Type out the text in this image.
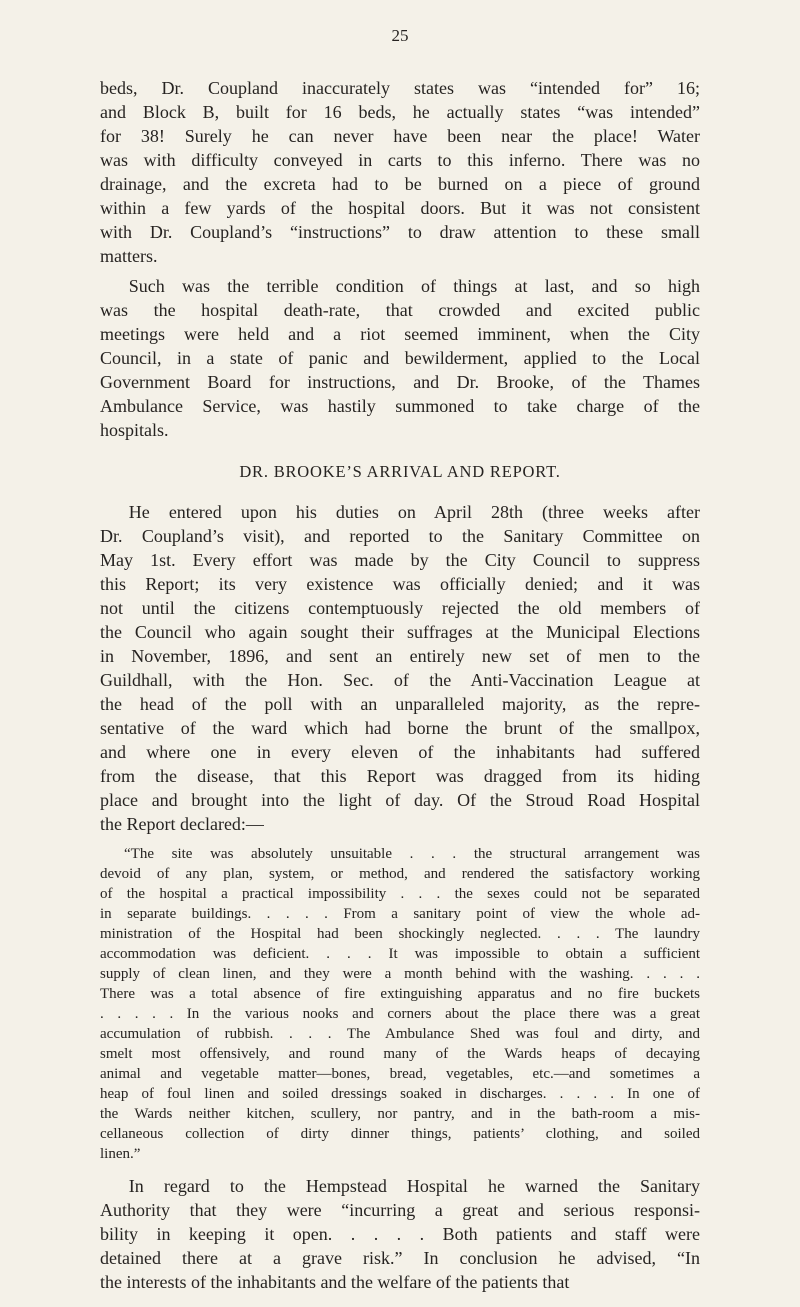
25
beds, Dr. Coupland inaccurately states was “intended for” 16;
and Block B, built for 16 beds, he actually states “was intended”
for 38! Surely he can never have been near the place! Water
was with difficulty conveyed in carts to this inferno. There was no
drainage, and the excreta had to be burned on a piece of ground
within a few yards of the hospital doors. But it was not consistent
with Dr. Coupland’s “instructions” to draw attention to these small
matters.
Such was the terrible condition of things at last, and so high
was the hospital death-rate, that crowded and excited public
meetings were held and a riot seemed imminent, when the City
Council, in a state of panic and bewilderment, applied to the Local
Government Board for instructions, and Dr. Brooke, of the Thames
Ambulance Service, was hastily summoned to take charge of the
hospitals.
DR. BROOKE’S ARRIVAL AND REPORT.
He entered upon his duties on April 28th (three weeks after
Dr. Coupland’s visit), and reported to the Sanitary Committee on
May 1st. Every effort was made by the City Council to suppress
this Report; its very existence was officially denied; and it was
not until the citizens contemptuously rejected the old members of
the Council who again sought their suffrages at the Municipal Elections
in November, 1896, and sent an entirely new set of men to the
Guildhall, with the Hon. Sec. of the Anti-Vaccination League at
the head of the poll with an unparalleled majority, as the repre-
sentative of the ward which had borne the brunt of the smallpox,
and where one in every eleven of the inhabitants had suffered
from the disease, that this Report was dragged from its hiding
place and brought into the light of day. Of the Stroud Road Hospital
the Report declared:—
“The site was absolutely unsuitable . . . the structural arrangement was
devoid of any plan, system, or method, and rendered the satisfactory working
of the hospital a practical impossibility . . . the sexes could not be separated
in separate buildings. . . . . From a sanitary point of view the whole ad-
ministration of the Hospital had been shockingly neglected. . . . The laundry
accommodation was deficient. . . . It was impossible to obtain a sufficient
supply of clean linen, and they were a month behind with the washing. . . . .
There was a total absence of fire extinguishing apparatus and no fire buckets
. . . . . In the various nooks and corners about the place there was a great
accumulation of rubbish. . . . The Ambulance Shed was foul and dirty, and
smelt most offensively, and round many of the Wards heaps of decaying
animal and vegetable matter—bones, bread, vegetables, etc.—and sometimes a
heap of foul linen and soiled dressings soaked in discharges. . . . . In one of
the Wards neither kitchen, scullery, nor pantry, and in the bath-room a mis-
cellaneous collection of dirty dinner things, patients’ clothing, and soiled
linen.”
In regard to the Hempstead Hospital he warned the Sanitary
Authority that they were “incurring a great and serious responsi-
bility in keeping it open. . . . . Both patients and staff were
detained there at a grave risk.” In conclusion he advised, “In
the interests of the inhabitants and the welfare of the patients that
